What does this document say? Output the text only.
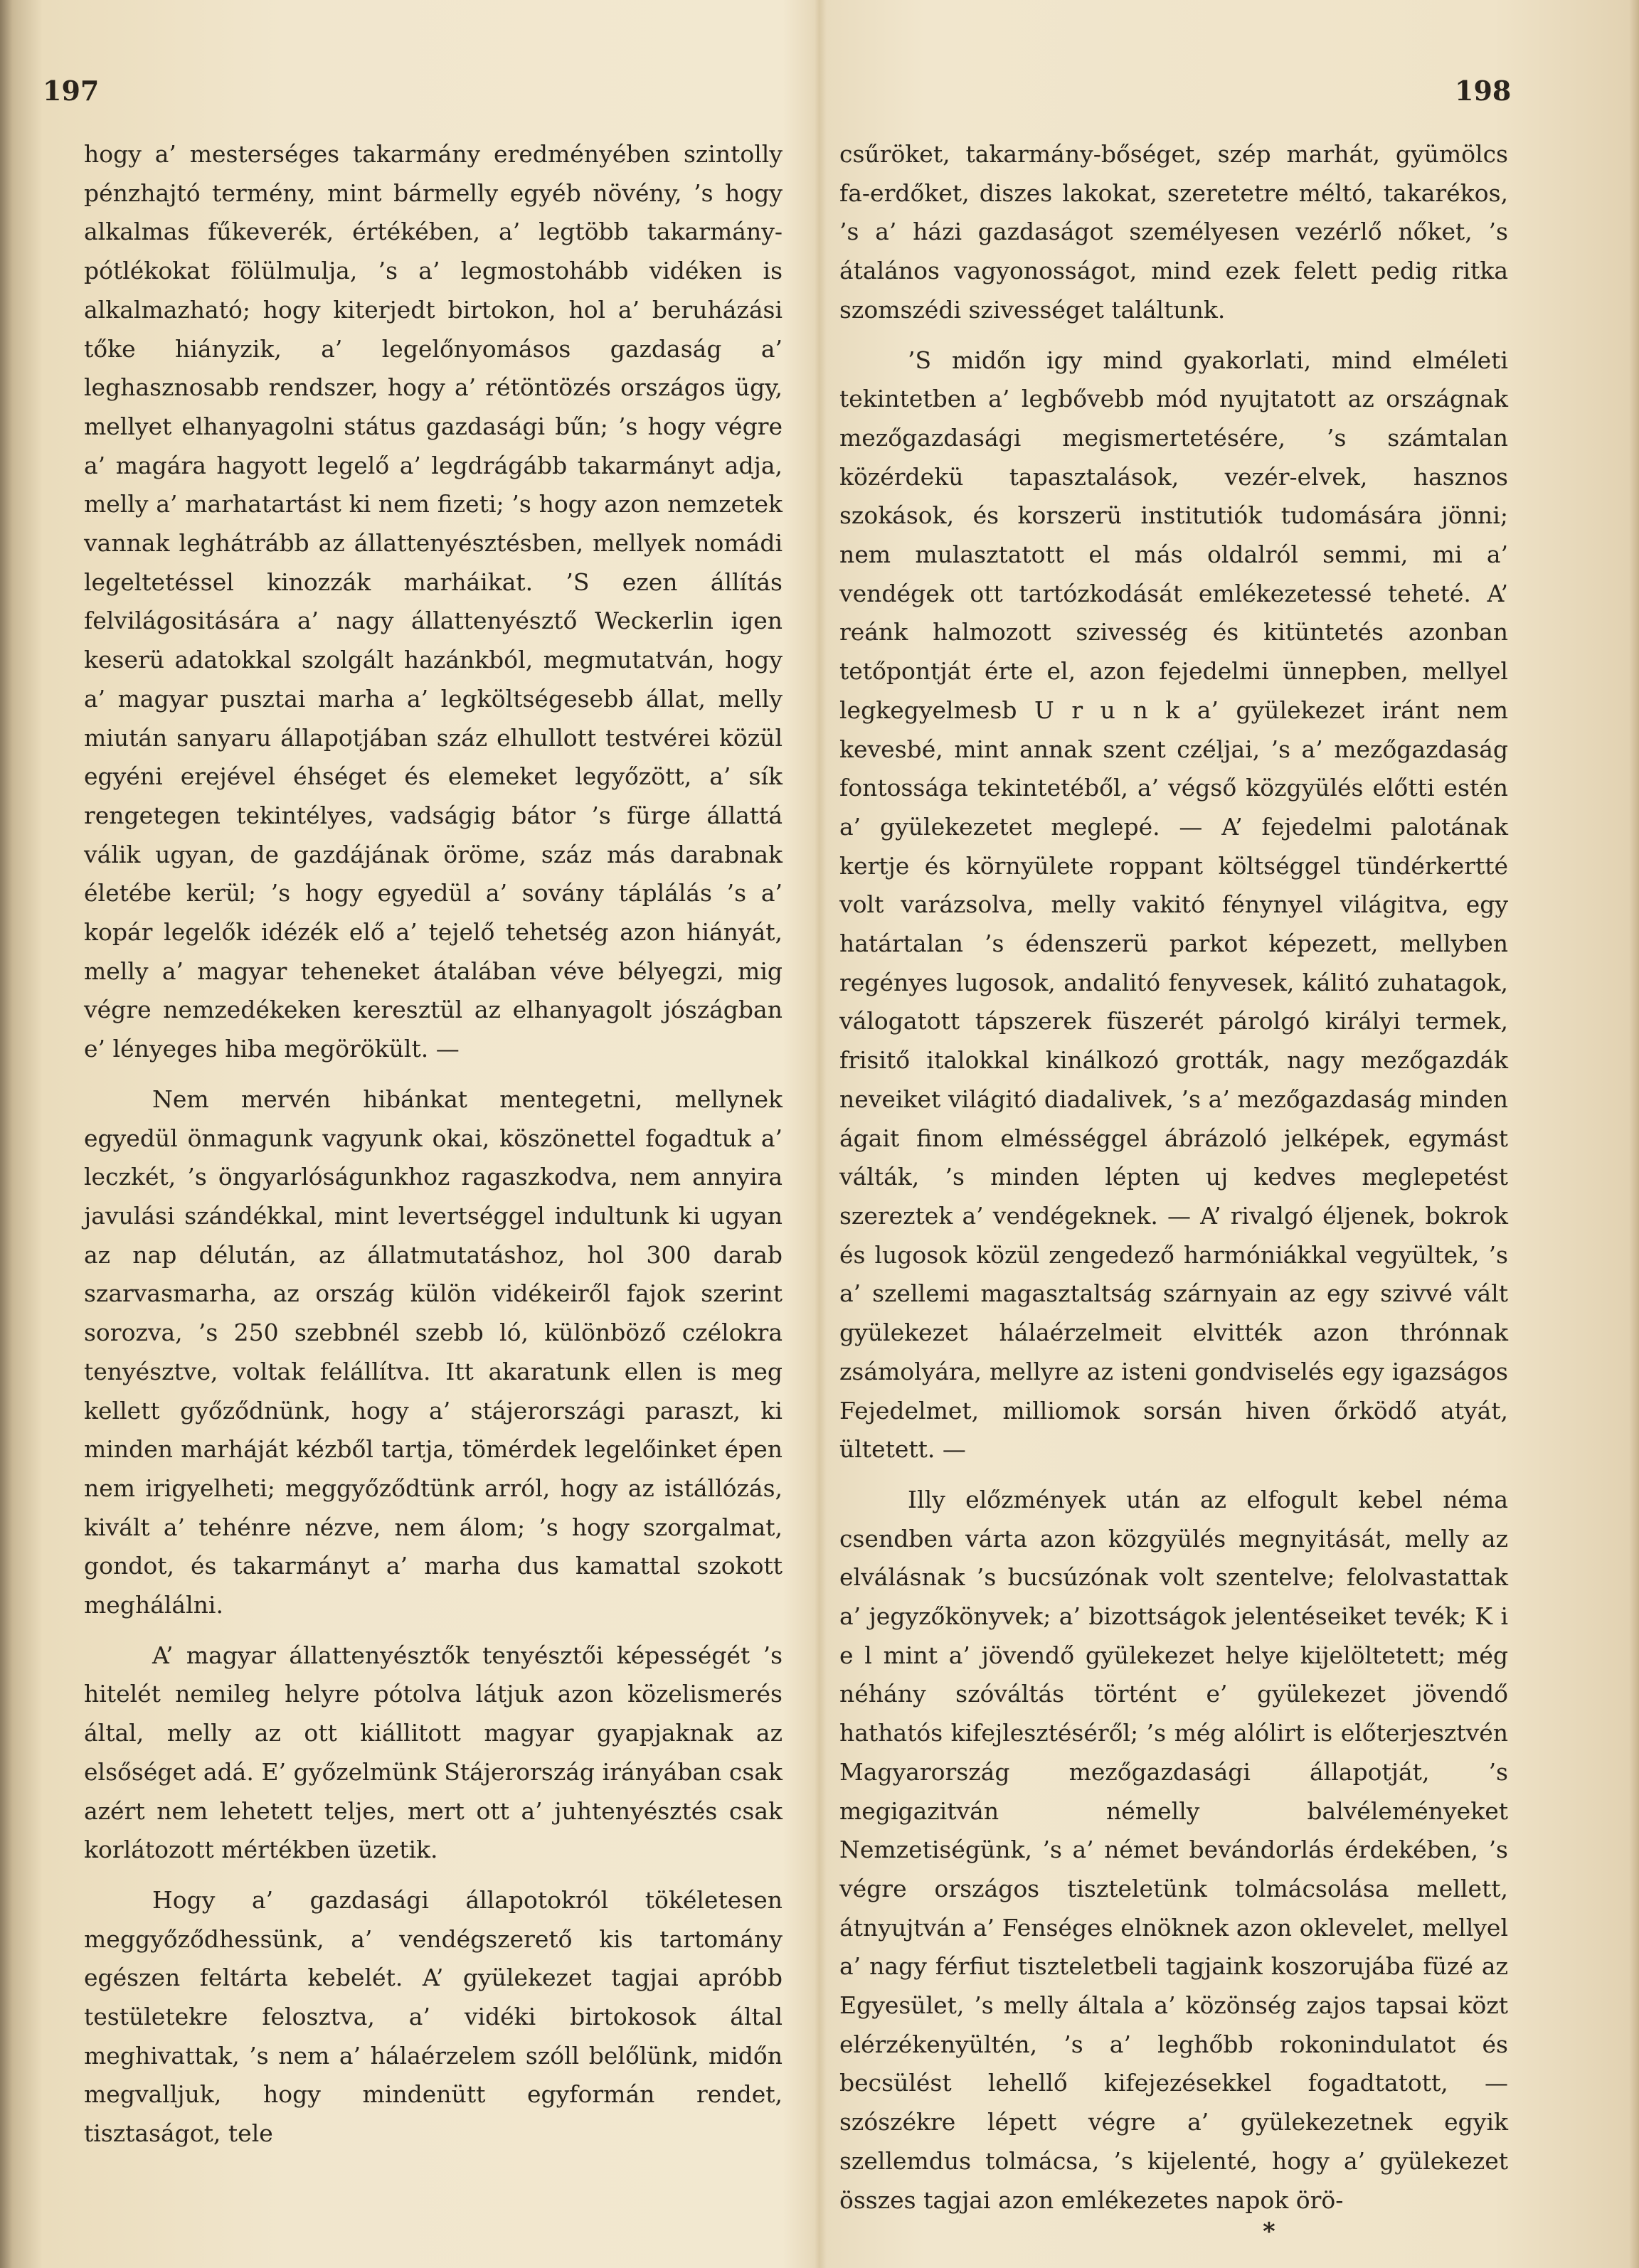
197	198

hogy a’ mesterséges takarmány eredményében szintolly pénzhajtó termény, mint bármelly egyéb növény, ’s hogy alkalmas fűkeverék, értékében, a’ legtöbb takarmány- pótlékokat fölülmulja, ’s a’ legmostohább vidéken is alkalmazható; hogy kiterjedt birtokon, hol a’ beruházási tőke hiányzik, a’ legelőnyomásos gazdaság a’ leghasznosabb rendszer, hogy a’ rétöntözés országos ügy, mellyet elhanyagolni státus gazdasági bűn; ’s hogy végre a’ magára hagyott legelő a’ legdrágább takarmányt adja, melly a’ marhatartást ki nem fizeti; ’s hogy azon nemzetek vannak leghátrább az állattenyésztésben, mellyek nomádi legeltetéssel kinozzák marháikat. ’S ezen állítás felvilágositására a’ nagy állattenyésztő Weckerlin igen keserü adatokkal szolgált hazánkból, megmutatván, hogy a’ magyar pusztai marha a’ legköltségesebb állat, melly miután sanyaru állapotjában száz elhullott testvérei közül egyéni erejével éhséget és elemeket legyőzött, a’ sík rengetegen tekintélyes, vadságig bátor ’s fürge állattá válik ugyan, de gazdájának öröme, száz más darabnak életébe kerül; ’s hogy egyedül a’ sovány táplálás ’s a’ kopár legelők idézék elő a’ tejelő tehetség azon hiányát, melly a’ magyar teheneket átalában véve bélyegzi, mig végre nemzedékeken keresztül az elhanyagolt jószágban e’ lényeges hiba megörökült. —

Nem mervén hibánkat mentegetni, mellynek egyedül önmagunk vagyunk okai, köszönettel fogadtuk a’ leczkét, ’s öngyarlóságunkhoz ragaszkodva, nem annyira javulási szándékkal, mint levertséggel indultunk ki ugyan az nap délután, az állatmutatáshoz, hol 300 darab szarvasmarha, az ország külön vidékeiről fajok szerint sorozva, ’s 250 szebbnél szebb ló, különböző czélokra tenyésztve, voltak felállítva. Itt akaratunk ellen is meg kellett győződnünk, hogy a’ stájerországi paraszt, ki minden marháját kézből tartja, tömérdek legelőinket épen nem irigyelheti; meggyőződtünk arról, hogy az istállózás, kivált a’ tehénre nézve, nem álom; ’s hogy szorgalmat, gondot, és takarmányt a’ marha dus kamattal szokott meghálálni.

A’ magyar állattenyésztők tenyésztői képességét ’s hitelét nemileg helyre pótolva látjuk azon közelismerés által, melly az ott kiállitott magyar gyapjaknak az elsőséget adá. E’ győzelmünk Stájerország irányában csak azért nem lehetett teljes, mert ott a’ juhtenyésztés csak korlátozott mértékben üzetik.

Hogy a’ gazdasági állapotokról tökéletesen meggyőződhessünk, a’ vendégszerető kis tartomány egészen feltárta kebelét. A’ gyülekezet tagjai apróbb testületekre felosztva, a’ vidéki birtokosok által meghivattak, ’s nem a’ hálaérzelem szóll belőlünk, midőn megvalljuk, hogy mindenütt egyformán rendet, tisztaságot, tele

csűröket, takarmány-bőséget, szép marhát, gyümölcs fa-erdőket, diszes lakokat, szeretetre méltó, takarékos, ’s a’ házi gazdaságot személyesen vezérlő nőket, ’s átalános vagyonosságot, mind ezek felett pedig ritka szomszédi szivességet találtunk.

’S midőn igy mind gyakorlati, mind elméleti tekintetben a’ legbővebb mód nyujtatott az országnak mezőgazdasági megismertetésére, ’s számtalan közérdekü tapasztalások, vezér-elvek, hasznos szokások, és korszerü institutiók tudomására jönni; nem mulasztatott el más oldalról semmi, mi a’ vendégek ott tartózkodását emlékezetessé teheté. A’ reánk halmozott szivesség és kitüntetés azonban tetőpontját érte el, azon fejedelmi ünnepben, mellyel legkegyelmesb U r u n k a’ gyülekezet iránt nem kevesbé, mint annak szent czéljai, ’s a’ mezőgazdaság fontossága tekintetéből, a’ végső közgyülés előtti estén a’ gyülekezetet meglepé. — A’ fejedelmi palotának kertje és környülete roppant költséggel tündérkertté volt varázsolva, melly vakitó fénynyel világitva, egy határtalan ’s édenszerü parkot képezett, mellyben regényes lugosok, andalitó fenyvesek, kálitó zuhatagok, válogatott tápszerek füszerét párolgó királyi termek, frisitő italokkal kinálkozó grották, nagy mezőgazdák neveiket világitó diadalivek, ’s a’ mezőgazdaság minden ágait finom elmésséggel ábrázoló jelképek, egymást válták, ’s minden lépten uj kedves meglepetést szereztek a’ vendégeknek. — A’ rivalgó éljenek, bokrok és lugosok közül zengedező harmóniákkal vegyültek, ’s a’ szellemi magasztaltság szárnyain az egy szivvé vált gyülekezet hálaérzelmeit elvitték azon thrónnak zsámolyára, mellyre az isteni gondviselés egy igazságos Fejedelmet, milliomok sorsán hiven őrködő atyát, ültetett. —

Illy előzmények után az elfogult kebel néma csendben várta azon közgyülés megnyitását, melly az elválásnak ’s bucsúzónak volt szentelve; felolvastattak a’ jegyzőkönyvek; a’ bizottságok jelentéseiket tevék; K i e l mint a’ jövendő gyülekezet helye kijelöltetett; még néhány szóváltás történt e’ gyülekezet jövendő hathatós kifejlesztéséről; ’s még alólirt is előterjesztvén Magyarország mezőgazdasági állapotját, ’s megigazitván némelly balvéleményeket Nemzetiségünk, ’s a’ német bevándorlás érdekében, ’s végre országos tiszteletünk tolmácsolása mellett, átnyujtván a’ Fenséges elnöknek azon oklevelet, mellyel a’ nagy férfiut tiszteletbeli tagjaink koszorujába füzé az Egyesület, ’s melly általa a’ közönség zajos tapsai közt elérzékenyültén, ’s a’ leghőbb rokonindulatot és becsülést lehellő kifejezésekkel fogadtatott, — szószékre lépett végre a’ gyülekezetnek egyik szellemdus tolmácsa, ’s kijelenté, hogy a’ gyülekezet összes tagjai azon emlékezetes napok örö-

*
